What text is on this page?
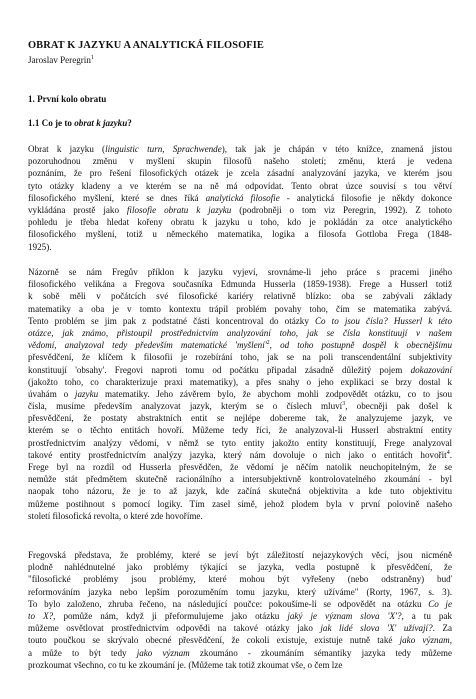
OBRAT K JAZYKU A ANALYTICKÁ FILOSOFIE
Jaroslav Peregrin$^1$
1. První kolo obratu
1.1 Co je to obrat k jazyku?
Obrat k jazyku (linguistic turn, Sprachwende), tak jak je chápán v této knížce, znamená jistou
pozoruhodnou změnu v myšlení skupin filosofů našeho století; změnu, která je vedena
poznáním, že pro řešení filosofických otázek je zcela zásadní analyzování jazyka, ve kterém jsou
tyto otázky kladeny a ve kterém se na ně má odpovídat. Tento obrat úzce souvisí s tou větví
filosofického myšlení, které se dnes říká analytická filosofie - analytická filosofie je někdy dokonce
vykládána prostě jako filosofie obratu k jazyku (podrobněji o tom viz Peregrin, 1992). Z tohoto
pohledu je třeba hledat kořeny obratu k jazyku u toho, kdo je pokládán za otce analytického
filosofického myšlení, totiž u německého matematika, logika a filosofa Gottloba Frega (1848-
1925).
Názorně se nám Fregův příklon k jazyku vyjeví, srovnáme-li jeho práce s pracemi jiného
filosofického velikána a Fregova současníka Edmunda Husserla (1859-1938). Frege a Husserl totiž
k sobě měli v počátcích své filosofické kariéry relativně blízko: oba se zabývali základy
matematiky a oba je v tomto kontextu trápil problém povahy toho, čím se matematika zabývá.
Tento problém se jim pak z podstatné části koncentroval do otázky Co to jsou čísla? Husserl k této
otázce, jak známo, přistoupil prostřednictvím analyzování toho, jak se čísla konstituují v našem
vědomí, analyzoval tedy především matematické '$myšlení'^2$, od toho postupně dospěl k obecnějšímu
přesvědčení, že klíčem k filosofii je rozebírání toho, jak se na poli transcendentální subjektivity
konstituují 'obsahy'. Fregovi naproti tomu od počátku připadal zásadně důležitý pojem dokazování
(jakožto toho, co charakterizuje praxi matematiky), a přes snahy o jeho explikaci se brzy dostal k
úvahám o jazyku matematiky. Jeho závěrem bylo, že abychom mohli zodpovědět otázku, co to jsou
čísla, musíme především analyzovat jazyk, kterým se o číslech mluví$^3$, obecněji pak došel k
přesvědčení, že postaty abstraktních entit se nejlépe dobereme tak, že analyzujeme jazyk, ve
kterém se o těchto entitách hovoří. Můžeme tedy říci, že analyzoval-li Husserl abstraktní entity
prostřednictvím analýzy vědomí, v němž se tyto entity jakožto entity konstituují, Frege analyzoval
takové entity prostřednictvím analýzy jazyka, který nám dovoluje o nich jako o entitách hovořit$^4$.
Frege byl na rozdíl od Husserla přesvědčen, že vědomí je něčím natolik neuchopitelným, že se
nemůže stát předmětem skutečně racionálního a intersubjektivně kontrolovatelného zkoumání - byl
naopak toho názoru, že je to až jazyk, kde začíná skutečná objektivita a kde tuto objektivitu
můžeme postihnout s pomocí logiky. Tím zasel símě, jehož plodem byla v první polovině našeho
století filosofická revolta, o které zde hovoříme.
Fregovská představa, že problémy, které se jeví být záležitostí nejazykových věcí, jsou nicméně
plodně nahlédnutelné jako problémy týkající se jazyka, vedla postupně k přesvědčení, že
"filosofické problémy jsou problémy, které mohou být vyřešeny (nebo odstraněny) buď
reformováním jazyka nebo lepším porozuměním tomu jazyku, který užíváme" (Rorty, 1967, s. 3).
To bylo založeno, zhruba řečeno, na následující poučce: pokoušíme-li se odpovědět na otázku Co je
to X?, pomůže nám, když ji přeformulujeme jako otázku jaký je význam slova 'X'?, a tu pak
můžeme osvětlovat prostřednictvím odpovědi na takové otázky jako jak lidé slova 'X' užívají?. Za
touto poučkou se skrývalo obecné přesvědčení, že cokoli existuje, existuje nutně také jako význam,
a může to být tedy jako význam zkoumáno - zkoumáním sémantiky jazyka tedy můžeme
prozkoumat všechno, co tu ke zkoumání je. (Můžeme tak totiž zkoumat vše, o čem lze
